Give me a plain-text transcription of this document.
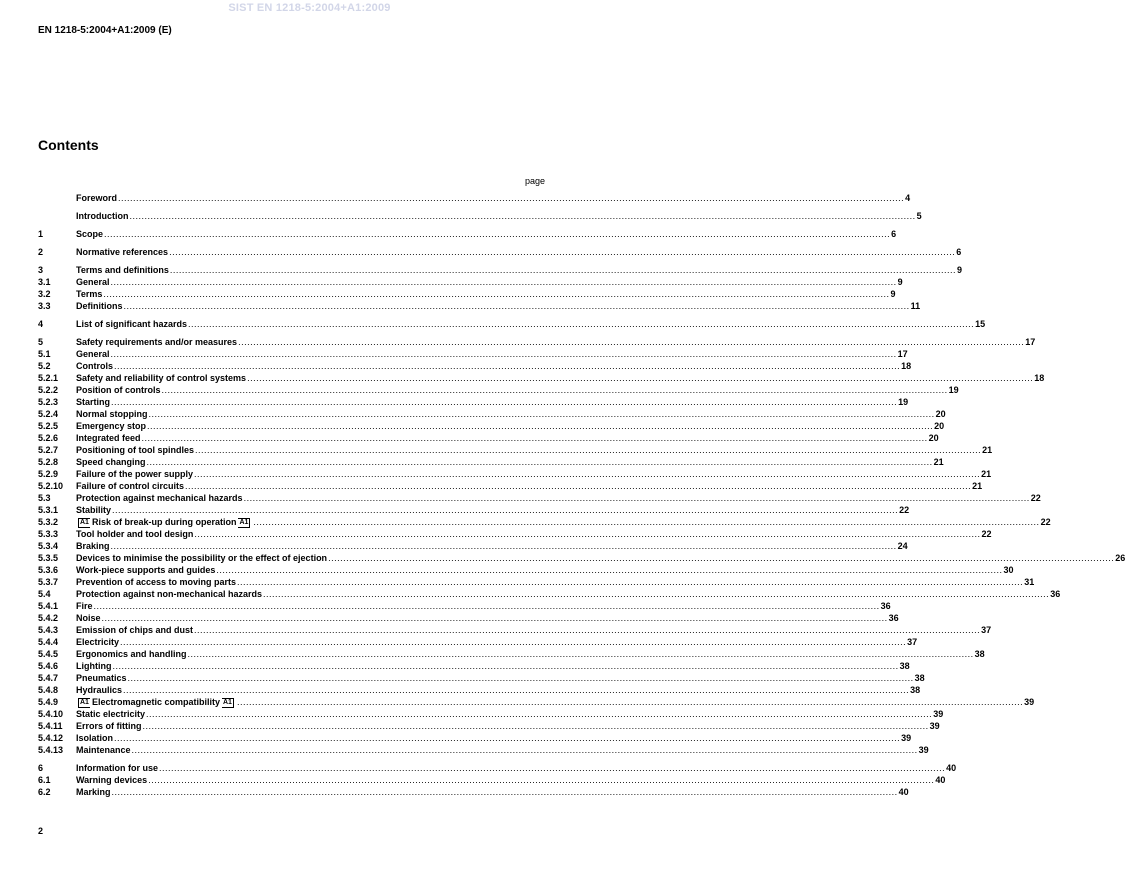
SIST EN 1218-5:2004+A1:2009
EN 1218-5:2004+A1:2009 (E)
Contents
page
Foreword .....	4
Introduction .....	5
1	Scope .....	6
2	Normative references .....	6
3	Terms and definitions .....	9
3.1	General .....	9
3.2	Terms .....	9
3.3	Definitions .....	11
4	List of significant hazards .....	15
5	Safety requirements and/or measures .....	17
5.1	General .....	17
5.2	Controls .....	18
5.2.1	Safety and reliability of control systems .....	18
5.2.2	Position of controls .....	19
5.2.3	Starting .....	19
5.2.4	Normal stopping .....	20
5.2.5	Emergency stop .....	20
5.2.6	Integrated feed .....	20
5.2.7	Positioning of tool spindles .....	21
5.2.8	Speed changing .....	21
5.2.9	Failure of the power supply .....	21
5.2.10	Failure of control circuits .....	21
5.3	Protection against mechanical hazards .....	22
5.3.1	Stability .....	22
5.3.2	A1 Risk of break-up during operation A1 .....	22
5.3.3	Tool holder and tool design .....	22
5.3.4	Braking .....	24
5.3.5	Devices to minimise the possibility or the effect of ejection .....	26
5.3.6	Work-piece supports and guides .....	30
5.3.7	Prevention of access to moving parts .....	31
5.4	Protection against non-mechanical hazards .....	36
5.4.1	Fire .....	36
5.4.2	Noise .....	36
5.4.3	Emission of chips and dust .....	37
5.4.4	Electricity .....	37
5.4.5	Ergonomics and handling .....	38
5.4.6	Lighting .....	38
5.4.7	Pneumatics .....	38
5.4.8	Hydraulics .....	38
5.4.9	A1 Electromagnetic compatibility A1 .....	39
5.4.10	Static electricity .....	39
5.4.11	Errors of fitting .....	39
5.4.12	Isolation .....	39
5.4.13	Maintenance .....	39
6	Information for use .....	40
6.1	Warning devices .....	40
6.2	Marking .....	40
2
